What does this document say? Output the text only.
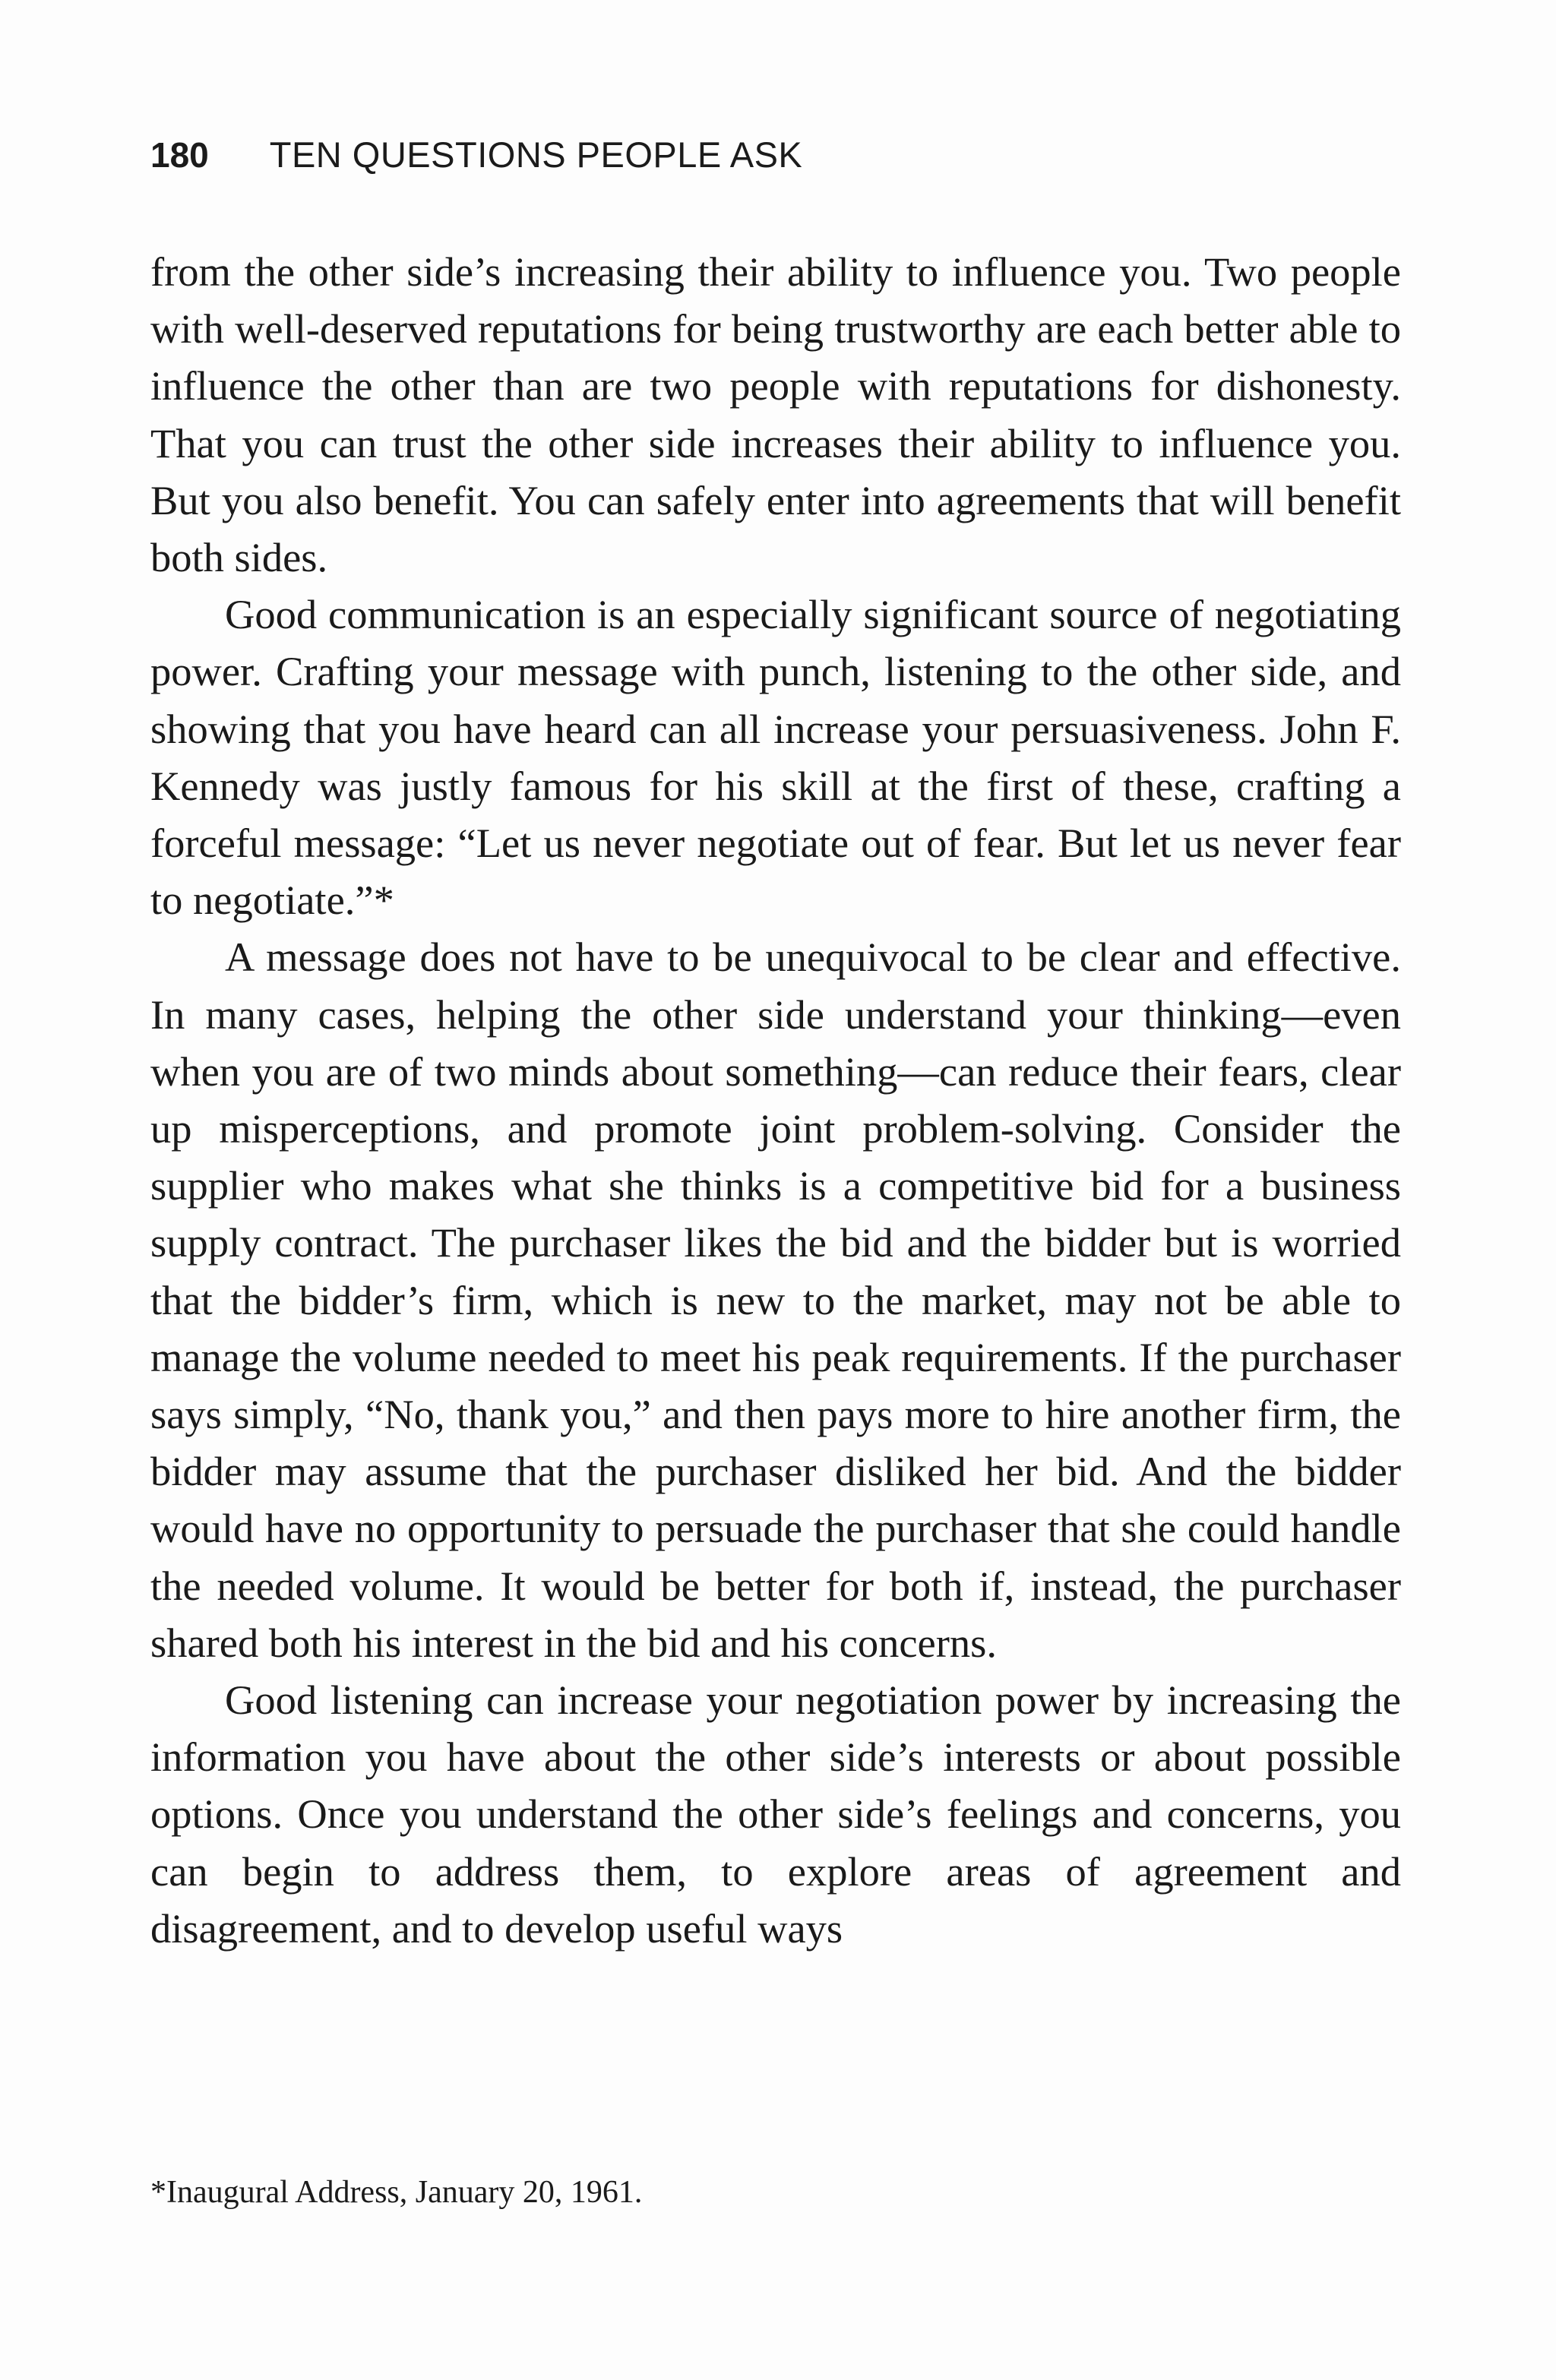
180 TEN QUESTIONS PEOPLE ASK

from the other side’s increasing their ability to influence you. Two people with well-deserved reputations for being trustworthy are each better able to influence the other than are two people with reputations for dishonesty. That you can trust the other side increases their ability to influence you. But you also benefit. You can safely enter into agreements that will benefit both sides.

Good communication is an especially significant source of negotiating power. Crafting your message with punch, listening to the other side, and showing that you have heard can all increase your persuasiveness. John F. Kennedy was justly famous for his skill at the first of these, crafting a forceful message: “Let us never negotiate out of fear. But let us never fear to negotiate.”*

A message does not have to be unequivocal to be clear and effective. In many cases, helping the other side understand your thinking—even when you are of two minds about something—can reduce their fears, clear up misperceptions, and promote joint problem-solving. Consider the supplier who makes what she thinks is a competitive bid for a business supply contract. The purchaser likes the bid and the bidder but is worried that the bidder’s firm, which is new to the market, may not be able to manage the volume needed to meet his peak requirements. If the purchaser says simply, “No, thank you,” and then pays more to hire another firm, the bidder may assume that the purchaser disliked her bid. And the bidder would have no opportunity to persuade the purchaser that she could handle the needed volume. It would be better for both if, instead, the purchaser shared both his interest in the bid and his concerns.

Good listening can increase your negotiation power by increasing the information you have about the other side’s interests or about possible options. Once you understand the other side’s feelings and concerns, you can begin to address them, to explore areas of agreement and disagreement, and to develop useful ways

*Inaugural Address, January 20, 1961.
